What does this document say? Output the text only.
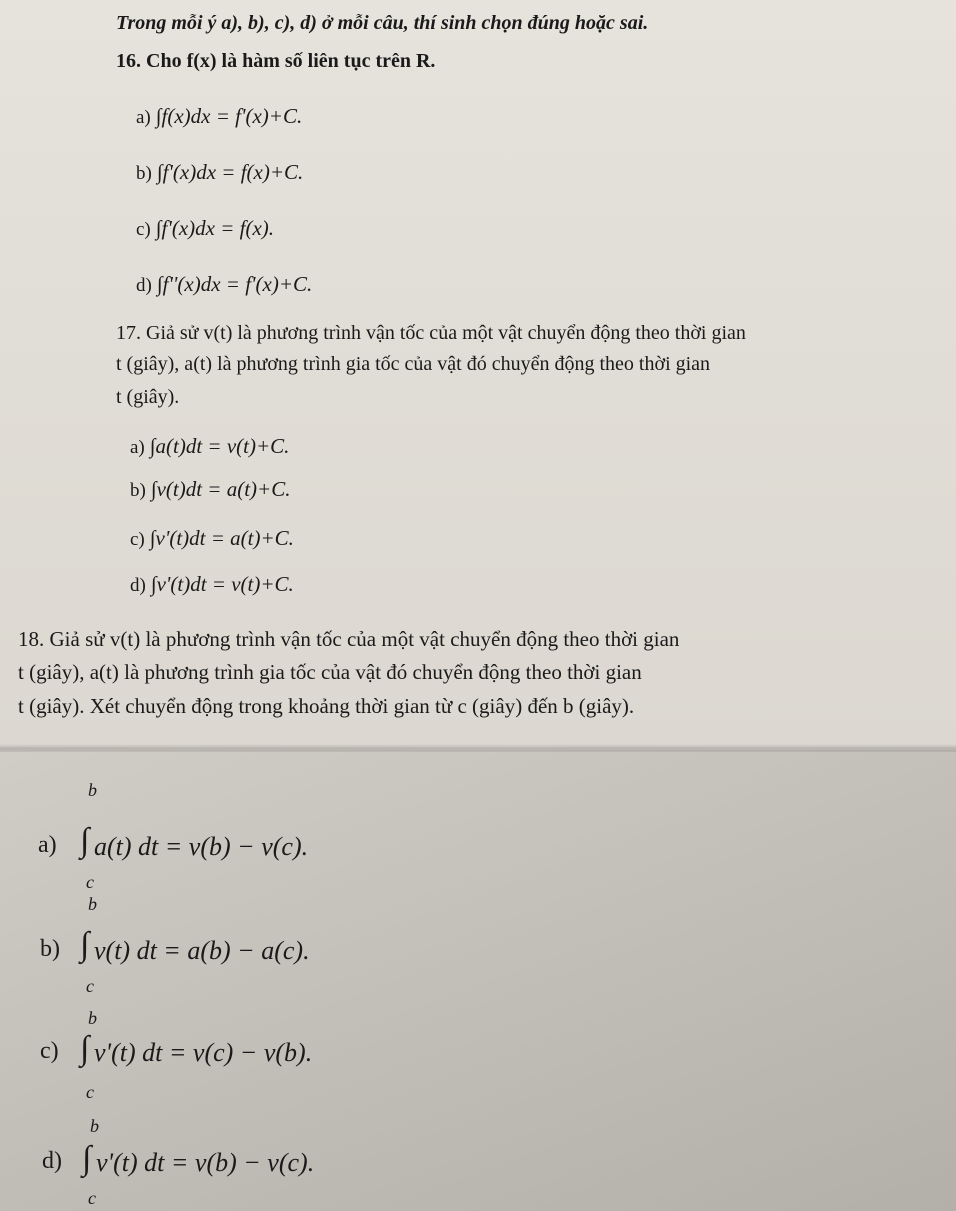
Trong mỗi ý a), b), c), d) ở mỗi câu, thí sinh chọn đúng hoặc sai.
16. Cho f(x) là hàm số liên tục trên R.
a) ∫f(x)dx = f'(x)+C.
b) ∫f'(x)dx = f(x)+C.
c) ∫f'(x)dx = f(x).
d) ∫f''(x)dx = f'(x)+C.
17. Giả sử v(t) là phương trình vận tốc của một vật chuyển động theo thời gian
t (giây), a(t) là phương trình gia tốc của vật đó chuyển động theo thời gian
t (giây).
a) ∫a(t)dt = v(t)+C.
b) ∫v(t)dt = a(t)+C.
c) ∫v'(t)dt = a(t)+C.
d) ∫v'(t)dt = v(t)+C.
18. Giả sử v(t) là phương trình vận tốc của một vật chuyển động theo thời gian
t (giây), a(t) là phương trình gia tốc của vật đó chuyển động theo thời gian
t (giây). Xét chuyển động trong khoảng thời gian từ c (giây) đến b (giây).
a)
b
∫
c
a(t) dt = v(b) − v(c).
b)
b
∫
c
v(t) dt = a(b) − a(c).
c)
b
∫
c
v'(t) dt = v(c) − v(b).
d)
b
∫
c
v'(t) dt = v(b) − v(c).
